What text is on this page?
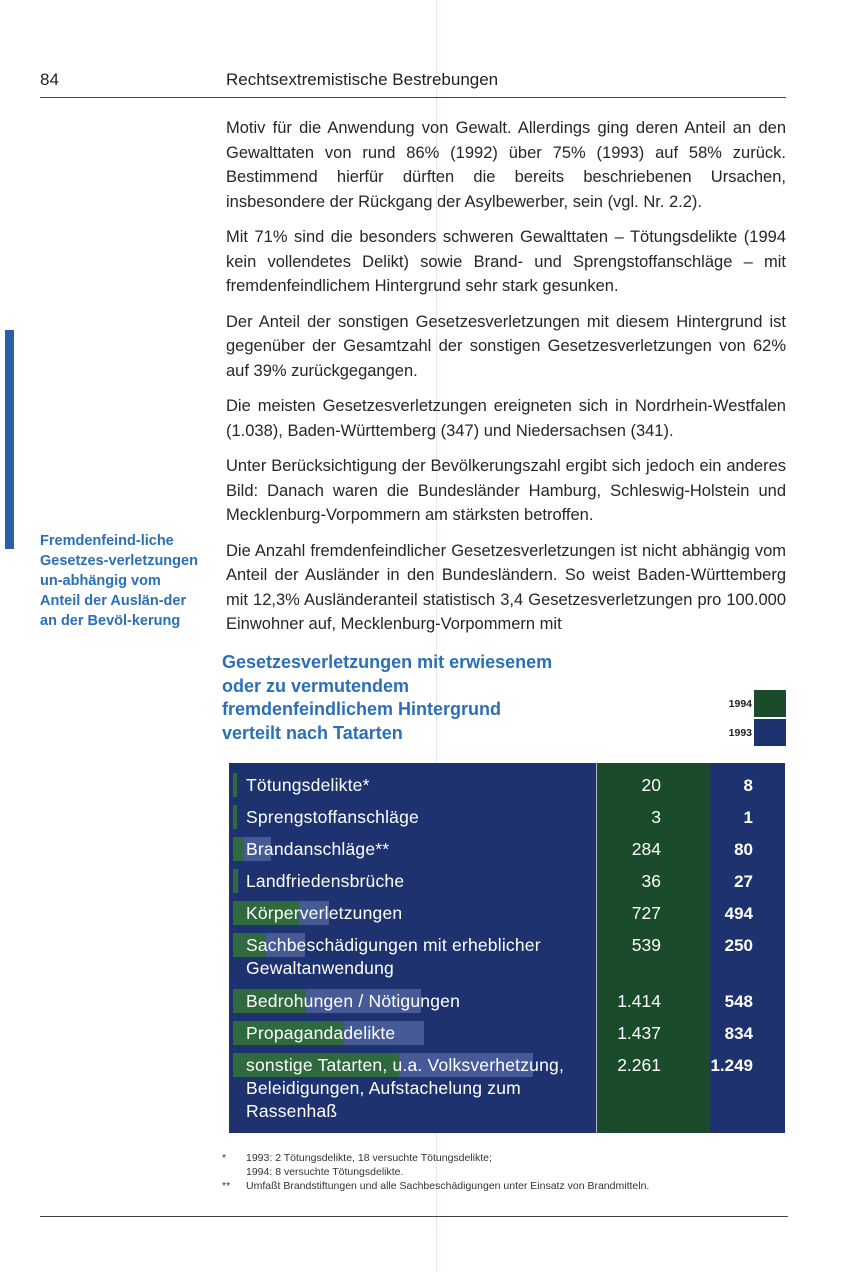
84	Rechtsextremistische Bestrebungen
Fremdenfeind-liche Gesetzes-verletzungen un-abhängig vom Anteil der Auslän-der an der Bevöl-kerung

Motiv für die Anwendung von Gewalt. Allerdings ging deren Anteil an den Gewalttaten von rund 86% (1992) über 75% (1993) auf 58% zurück. Bestimmend hierfür dürften die bereits beschriebenen Ursachen, insbesondere der Rückgang der Asylbewerber, sein (vgl. Nr. 2.2).

Mit 71% sind die besonders schweren Gewalttaten – Tötungsdelikte (1994 kein vollendetes Delikt) sowie Brand- und Sprengstoffanschläge – mit fremdenfeindlichem Hintergrund sehr stark gesunken.

Der Anteil der sonstigen Gesetzesverletzungen mit diesem Hintergrund ist gegenüber der Gesamtzahl der sonstigen Gesetzesverletzungen von 62% auf 39% zurückgegangen.

Die meisten Gesetzesverletzungen ereigneten sich in Nordrhein-Westfalen (1.038), Baden-Württemberg (347) und Niedersachsen (341).

Unter Berücksichtigung der Bevölkerungszahl ergibt sich jedoch ein anderes Bild: Danach waren die Bundesländer Hamburg, Schleswig-Holstein und Mecklenburg-Vorpommern am stärksten betroffen.

Die Anzahl fremdenfeindlicher Gesetzesverletzungen ist nicht abhängig vom Anteil der Ausländer in den Bundesländern. So weist Baden-Württemberg mit 12,3% Ausländeranteil statistisch 3,4 Gesetzesverletzungen pro 100.000 Einwohner auf, Mecklenburg-Vorpommern mit

Gesetzesverletzungen mit erwiesenem oder zu vermutendem fremdenfeindlichem Hintergrund verteilt nach Tatarten
1994
1993
Tötungsdelikte*	20	8
Sprengstoffanschläge	3	1
Brandanschläge**	284	80
Landfriedensbrüche	36	27
Körperverletzungen	727	494
Sachbeschädigungen mit erheblicher Gewaltanwendung
539	250
Bedrohungen / Nötigungen	1.414	548
Propagandadelikte	1.437	834
sonstige Tatarten, u.a. Volksverhetzung, Beleidigungen, Aufstachelung zum Rassenhaß
2.261	1.249
* 1993: 2 Tötungsdelikte, 18 versuchte Tötungsdelikte;
1994: 8 versuchte Tötungsdelikte.
** Umfaßt Brandstiftungen und alle Sachbeschädigungen unter Einsatz von Brandmitteln.
